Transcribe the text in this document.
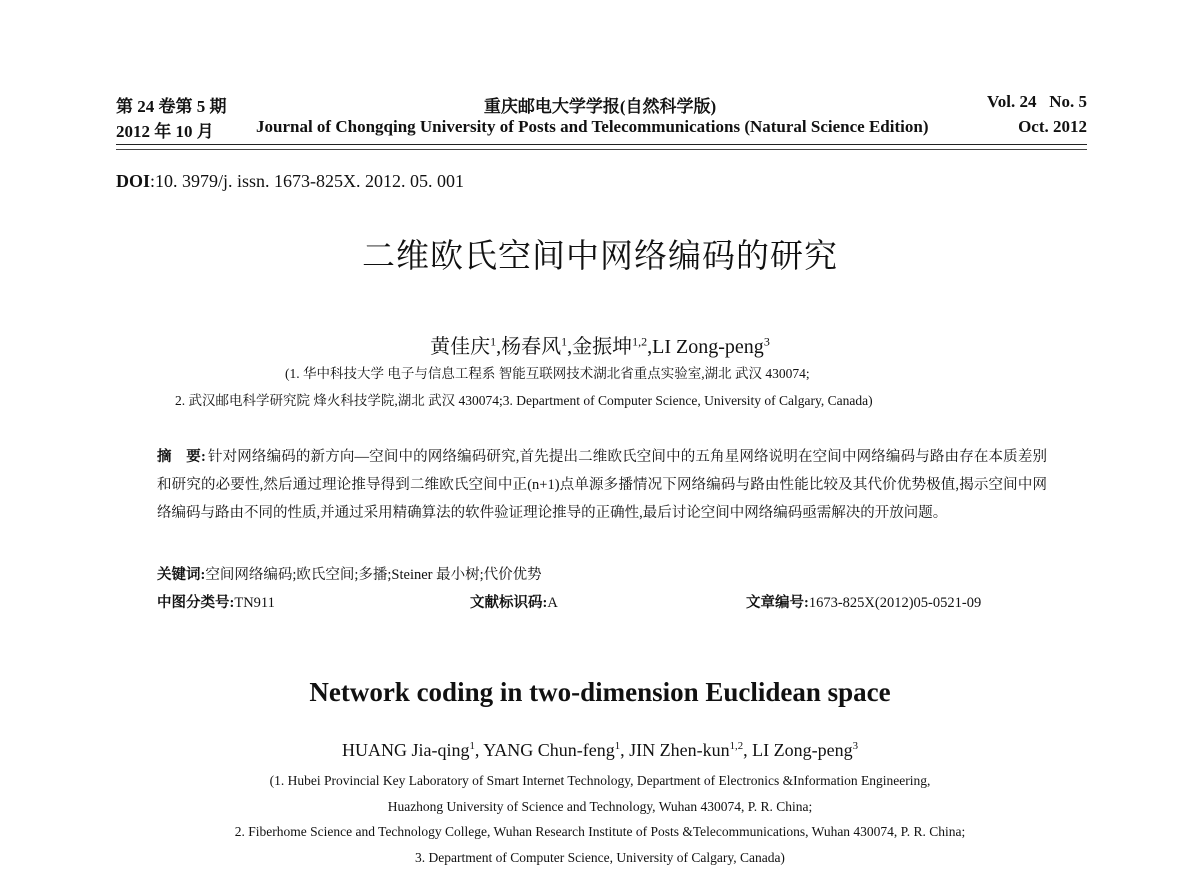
第 24 卷第 5 期	重庆邮电大学学报(自然科学版)	Vol. 24   No. 5
2012 年 10 月 Journal of Chongqing University of Posts and Telecommunications (Natural Science Edition)	Oct. 2012
DOI:10. 3979/j. issn. 1673-825X. 2012. 05. 001
二维欧氏空间中网络编码的研究
黄佳庆$^1$,杨春风$^1$,金振坤$^{1,2}$,LI Zong-peng$^3$
(1. 华中科技大学 电子与信息工程系 智能互联网技术湖北省重点实验室,湖北 武汉 430074;
2. 武汉邮电科学研究院 烽火科技学院,湖北 武汉 430074;3. Department of Computer Science, University of Calgary, Canada)
摘　要: 针对网络编码的新方向—空间中的网络编码研究,首先提出二维欧氏空间中的五角星网络说明在空间中网络编码与路由存在本质差别和研究的必要性,然后通过理论推导得到二维欧氏空间中正(n+1)点单源多播情况下网络编码与路由性能比较及其代价优势极值,揭示空间中网络编码与路由不同的性质,并通过采用精确算法的软件验证理论推导的正确性,最后讨论空间中网络编码亟需解决的开放问题。
关键词:空间网络编码;欧氏空间;多播;Steiner 最小树;代价优势
中图分类号:TN911	文献标识码:A	文章编号:1673-825X(2012)05-0521-09
Network coding in two-dimension Euclidean space
HUANG Jia-qing$^1$, YANG Chun-feng$^1$, JIN Zhen-kun$^{1,2}$, LI Zong-peng$^3$
(1. Hubei Provincial Key Laboratory of Smart Internet Technology, Department of Electronics &Information Engineering,
Huazhong University of Science and Technology, Wuhan 430074, P. R. China;
2. Fiberhome Science and Technology College, Wuhan Research Institute of Posts &Telecommunications, Wuhan 430074, P. R. China;
3. Department of Computer Science, University of Calgary, Canada)
